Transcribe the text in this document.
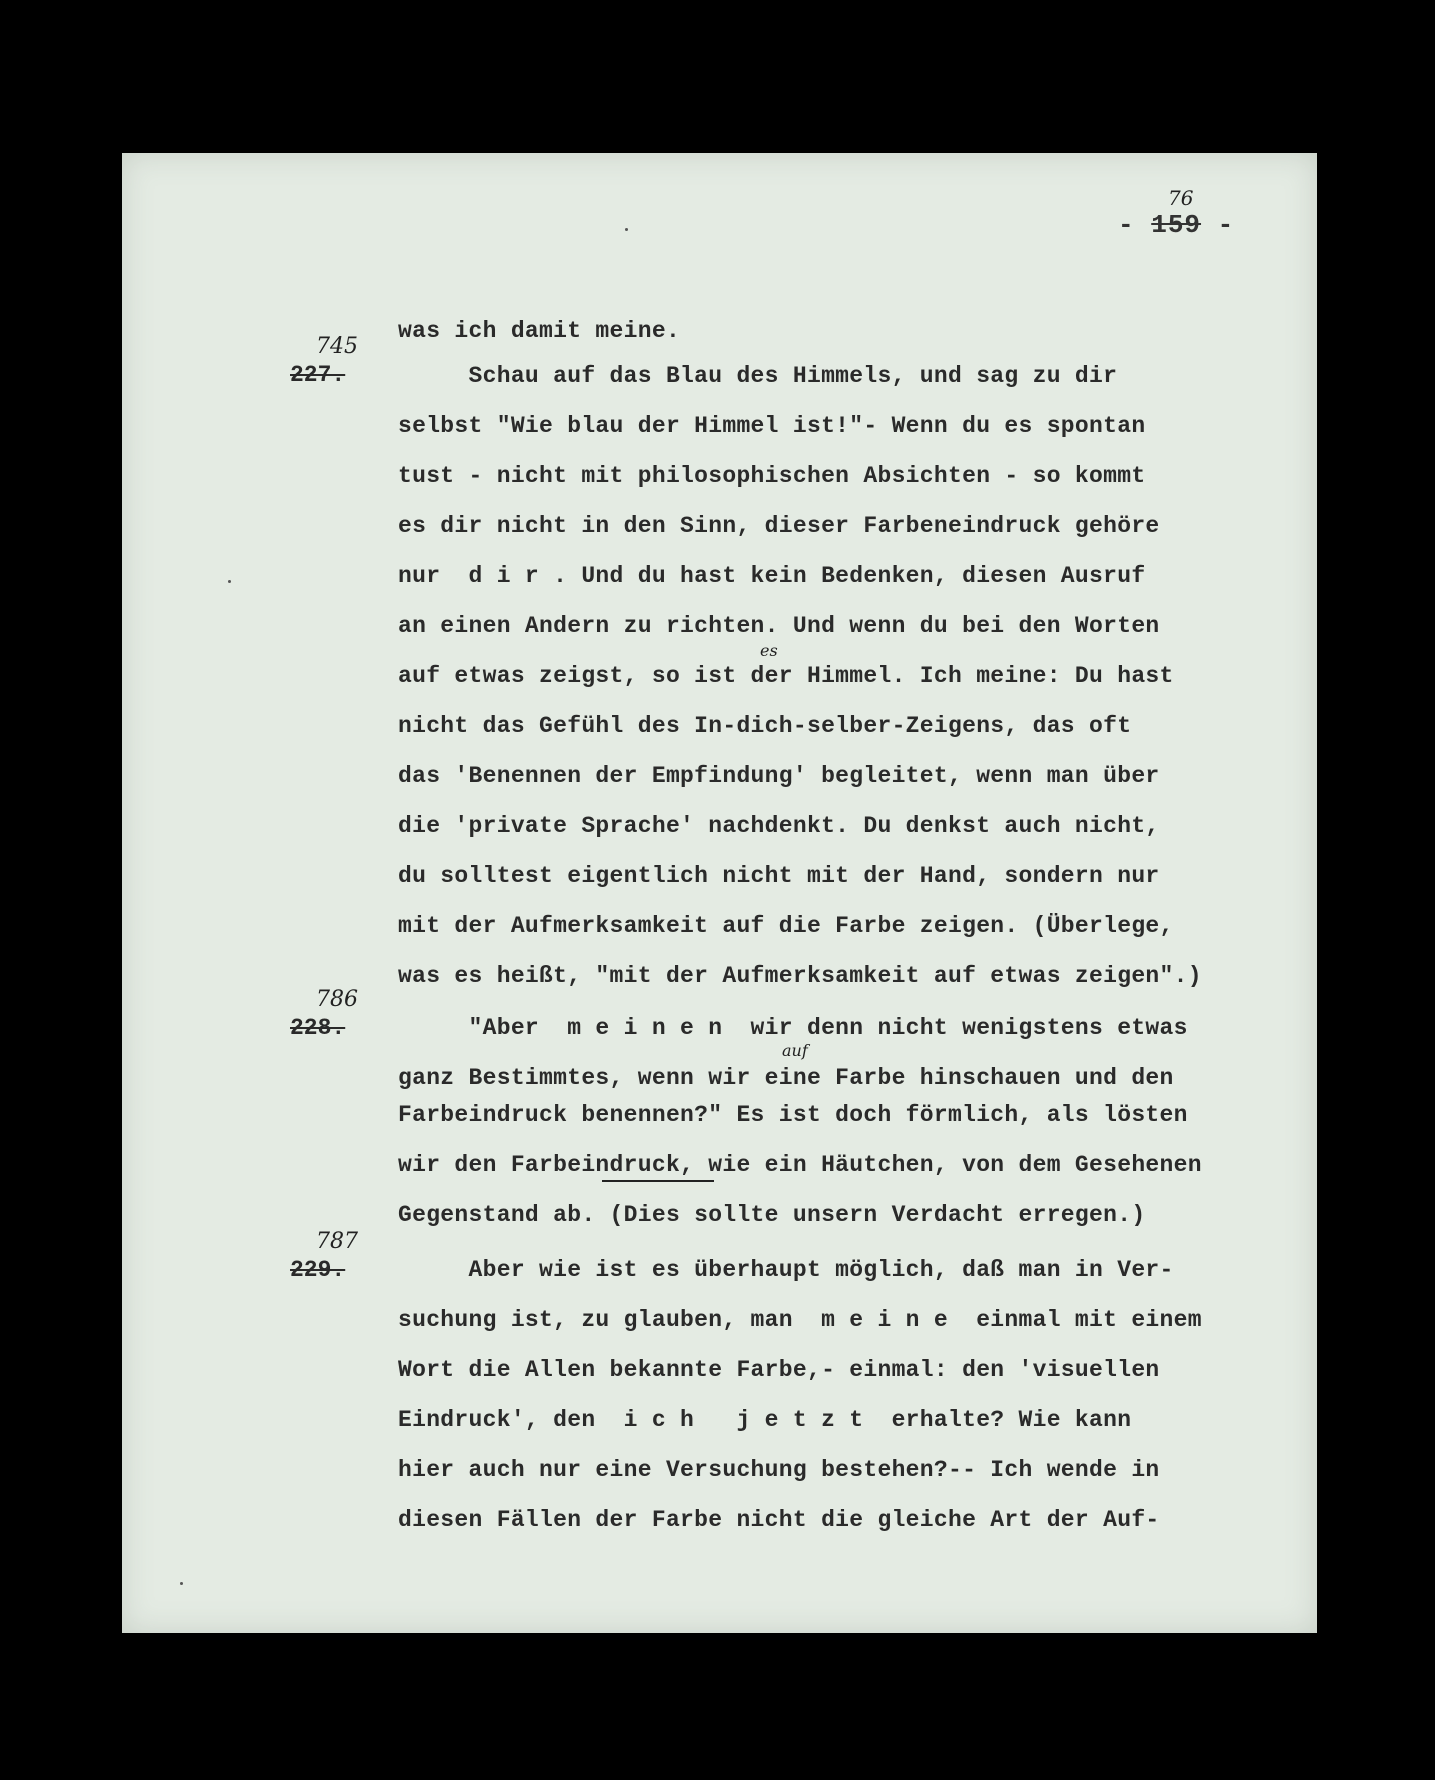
- 159 -
76
227.
745
228.
786
229.
787
was ich damit meine.
Schau auf das Blau des Himmels, und sag zu dir
selbst "Wie blau der Himmel ist!"- Wenn du es spontan
tust - nicht mit philosophischen Absichten - so kommt
es dir nicht in den Sinn, dieser Farbeneindruck gehöre
nur  d i r . Und du hast kein Bedenken, diesen Ausruf
an einen Andern zu richten. Und wenn du bei den Worten
auf etwas zeigst, so ist der Himmel. Ich meine: Du hast
es
nicht das Gefühl des In-dich-selber-Zeigens, das oft
das 'Benennen der Empfindung' begleitet, wenn man über
die 'private Sprache' nachdenkt. Du denkst auch nicht,
du solltest eigentlich nicht mit der Hand, sondern nur
mit der Aufmerksamkeit auf die Farbe zeigen. (Überlege,
was es heißt, "mit der Aufmerksamkeit auf etwas zeigen".)
"Aber  m e i n e n  wir denn nicht wenigstens etwas
ganz Bestimmtes, wenn wir eine Farbe hinschauen und den
auf
Farbeindruck benennen?" Es ist doch förmlich, als lösten
wir den Farbeindruck, wie ein Häutchen, von dem Gesehenen
Gegenstand ab. (Dies sollte unsern Verdacht erregen.)
Aber wie ist es überhaupt möglich, daß man in Ver-
suchung ist, zu glauben, man  m e i n e  einmal mit einem
Wort die Allen bekannte Farbe,- einmal: den 'visuellen
Eindruck', den  i c h   j e t z t  erhalte? Wie kann
hier auch nur eine Versuchung bestehen?-- Ich wende in
diesen Fällen der Farbe nicht die gleiche Art der Auf-
